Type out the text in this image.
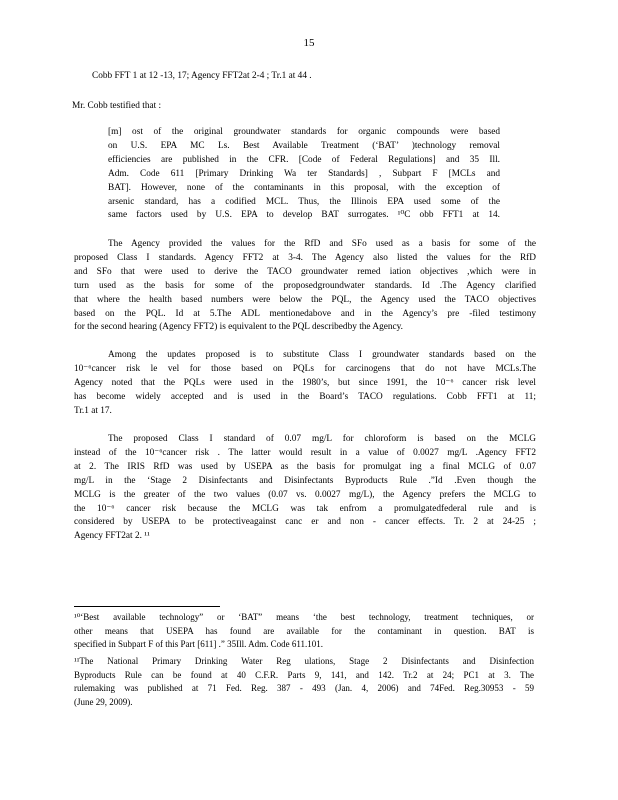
15
Cobb FFT 1 at 12 -13, 17; Agency FFT2at 2-4 ; Tr.1 at 44 .
Mr. Cobb testified that :
[m] ost of the original groundwater standards for organic compounds were based
on U.S. EPA MC Ls. Best Available Treatment (‘BAT’ )technology removal
efficiencies are published in the CFR. [Code of Federal Regulations] and 35 Ill.
Adm. Code 611 [Primary Drinking Wa ter Standards] , Subpart F [MCLs and
BAT]. However, none of the contaminants in this proposal, with the exception of
arsenic standard, has a codified MCL. Thus, the Illinois EPA used some of the
same factors used by U.S. EPA to develop BAT surrogates. ¹⁰C obb FFT1 at 14.
The Agency provided the values for the RfD and SFo used as a basis for some of the
proposed Class I standards. Agency FFT2 at 3-4. The Agency also listed the values for the RfD
and SFo that were used to derive the TACO groundwater remed iation objectives ,which were in
turn used as the basis for some of the proposedgroundwater standards. Id .The Agency clarified
that where the health based numbers were below the PQL, the Agency used the TACO objectives
based on the PQL. Id at 5.The ADL mentionedabove and in the Agency’s pre -filed testimony
for the second hearing (Agency FFT2) is equivalent to the PQL describedby the Agency.
Among the updates proposed is to substitute Class I groundwater standards based on the
10⁻⁶cancer risk le vel for those based on PQLs for carcinogens that do not have MCLs.The
Agency noted that the PQLs were used in the 1980’s, but since 1991, the 10⁻⁶ cancer risk level
has become widely accepted and is used in the Board’s TACO regulations. Cobb FFT1 at 11;
Tr.1 at 17.
The proposed Class I standard of 0.07 mg/L for chloroform is based on the MCLG
instead of the 10⁻⁶cancer risk . The latter would result in a value of 0.0027 mg/L .Agency FFT2
at 2. The IRIS RfD was used by USEPA as the basis for promulgat ing a final MCLG of 0.07
mg/L in the ‘Stage 2 Disinfectants and Disinfectants Byproducts Rule .”Id .Even though the
MCLG is the greater of the two values (0.07 vs. 0.0027 mg/L), the Agency prefers the MCLG to
the 10⁻⁶ cancer risk because the MCLG was tak enfrom a promulgatedfederal rule and is
considered by USEPA to be protectiveagainst canc er and non - cancer effects. Tr. 2 at 24-25 ;
Agency FFT2at 2. ¹¹
¹⁰‘Best available technology” or ‘BAT” means ‘the best technology, treatment techniques, or
other means that USEPA has found are available for the contaminant in question. BAT is
specified in Subpart F of this Part [611] .” 35Ill. Adm. Code 611.101.
¹¹The National Primary Drinking Water Reg ulations, Stage 2 Disinfectants and Disinfection
Byproducts Rule can be found at 40 C.F.R. Parts 9, 141, and 142. Tr.2 at 24; PC1 at 3. The
rulemaking was published at 71 Fed. Reg. 387 - 493 (Jan. 4, 2006) and 74Fed. Reg.30953 - 59
(June 29, 2009).
